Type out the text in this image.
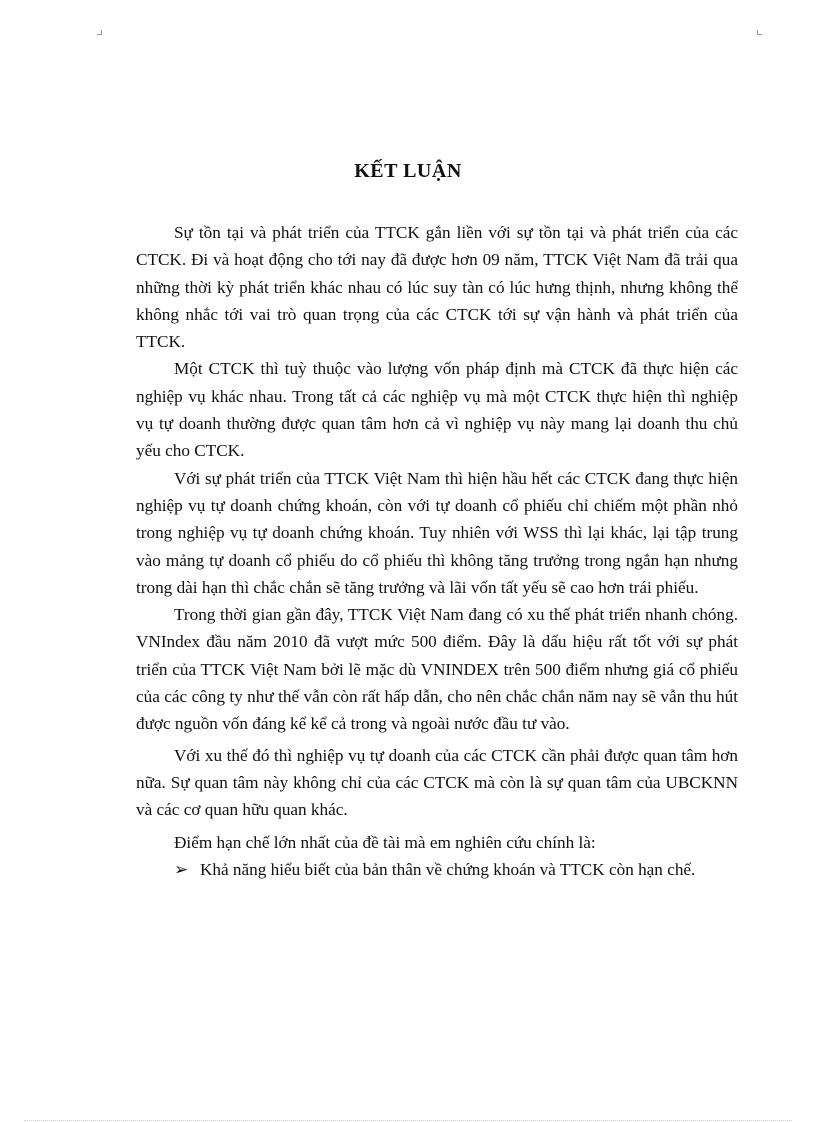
KẾT LUẬN

Sự tồn tại và phát triển của TTCK gắn liền với sự tồn tại và phát triển của các CTCK. Đi và hoạt động cho tới nay đã được hơn 09 năm, TTCK Việt Nam đã trải qua những thời kỳ phát triển khác nhau có lúc suy tàn có lúc hưng thịnh, nhưng không thể không nhắc tới vai trò quan trọng của các CTCK tới sự vận hành và phát triển của TTCK.

Một CTCK thì tuỳ thuộc vào lượng vốn pháp định mà CTCK đã thực hiện các nghiệp vụ khác nhau. Trong tất cả các nghiệp vụ mà một CTCK thực hiện thì nghiệp vụ tự doanh thường được quan tâm hơn cả vì nghiệp vụ này mang lại doanh thu chủ yếu cho CTCK.

Với sự phát triển của TTCK Việt Nam thì hiện hầu hết các CTCK đang thực hiện nghiệp vụ tự doanh chứng khoán, còn với tự doanh cổ phiếu chỉ chiếm một phần nhỏ trong nghiệp vụ tự doanh chứng khoán. Tuy nhiên với WSS thì lại khác, lại tập trung vào mảng tự doanh cổ phiếu do cổ phiếu thì không tăng trưởng trong ngắn hạn nhưng trong dài hạn thì chắc chắn sẽ tăng trưởng và lãi vốn tất yếu sẽ cao hơn trái phiếu.

Trong thời gian gần đây, TTCK Việt Nam đang có xu thế phát triển nhanh chóng. VNIndex đầu năm 2010 đã vượt mức 500 điểm. Đây là dấu hiệu rất tốt với sự phát triển của TTCK Việt Nam bởi lẽ mặc dù VNINDEX trên 500 điểm nhưng giá cổ phiếu của các công ty như thế vẫn còn rất hấp dẫn, cho nên chắc chắn năm nay sẽ vẫn thu hút được nguồn vốn đáng kể kể cả trong và ngoài nước đầu tư vào.

Với xu thế đó thì nghiệp vụ tự doanh của các CTCK cần phải được quan tâm hơn nữa. Sự quan tâm này không chỉ của các CTCK mà còn là sự quan tâm của UBCKNN và các cơ quan hữu quan khác.

Điểm hạn chế lớn nhất của đề tài mà em nghiên cứu chính là:

➢ Khả năng hiểu biết của bản thân về chứng khoán và TTCK còn hạn chế.
